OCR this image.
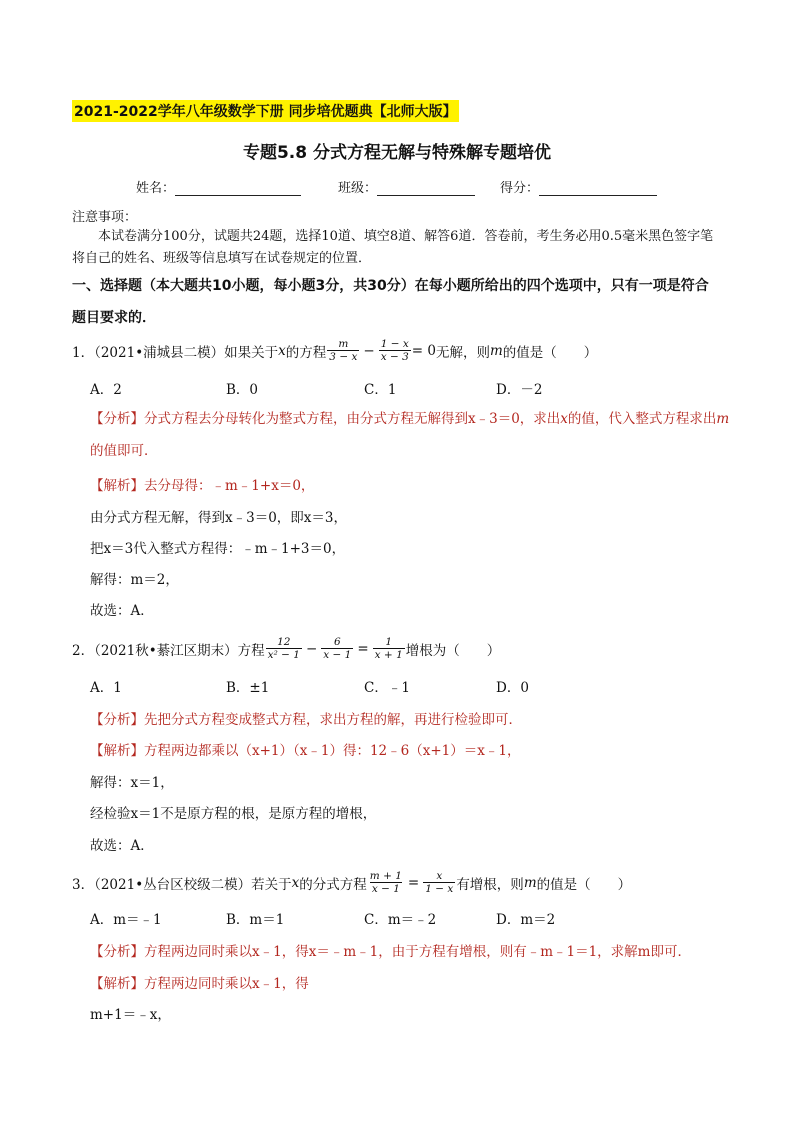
2021-2022学年八年级数学下册 同步培优题典【北师大版】
专题5.8 分式方程无解与特殊解专题培优
姓名：	班级：	得分：
注意事项：
本试卷满分100分，试题共24题，选择10道、填空8道、解答6道．答卷前，考生务必用0.5毫米黑色签字笔将自己的姓名、班级等信息填写在试卷规定的位置．
一、选择题（本大题共10小题，每小题3分，共30分）在每小题所给出的四个选项中，只有一项是符合题目要求的．
1．（2021•浦城县二模）如果关于 x 的方程 $\frac{m}{3 - x} - \frac{1 - x}{x - 3} = 0$ 无解，则 m 的值是（　　）
A．2	B．0	C．1	D．－2
【分析】分式方程去分母转化为整式方程，由分式方程无解得到x﹣3＝0，求出x的值，代入整式方程求出m的值即可．
【解析】去分母得：﹣m﹣1+x＝0，
由分式方程无解，得到x﹣3＝0，即x＝3，
把x＝3代入整式方程得：﹣m﹣1+3＝0，
解得：m＝2，
故选：A．
2．（2021秋•綦江区期末）方程 $\frac{12}{\text{x² − 1}} - \frac{6}{x - 1} = \frac{1}{x + 1}$ 增根为（　　）
A．1	B．±1	C．﹣1	D．0
【分析】先把分式方程变成整式方程，求出方程的解，再进行检验即可．
【解析】方程两边都乘以（x+1）（x﹣1）得：12﹣6（x+1）＝x﹣1，
解得：x＝1，
经检验x＝1不是原方程的根，是原方程的增根，
故选：A．
3．（2021•丛台区校级二模）若关于 x 的分式方程 $\frac{m + 1}{x - 1} = \frac{x}{1 - x}$ 有增根，则 m 的值是（　　）
A．m＝﹣1	B．m＝1	C．m＝﹣2	D．m＝2
【分析】方程两边同时乘以x﹣1，得x＝﹣m﹣1，由于方程有增根，则有﹣m﹣1＝1，求解m即可．
【解析】方程两边同时乘以x﹣1，得
m+1＝﹣x，
